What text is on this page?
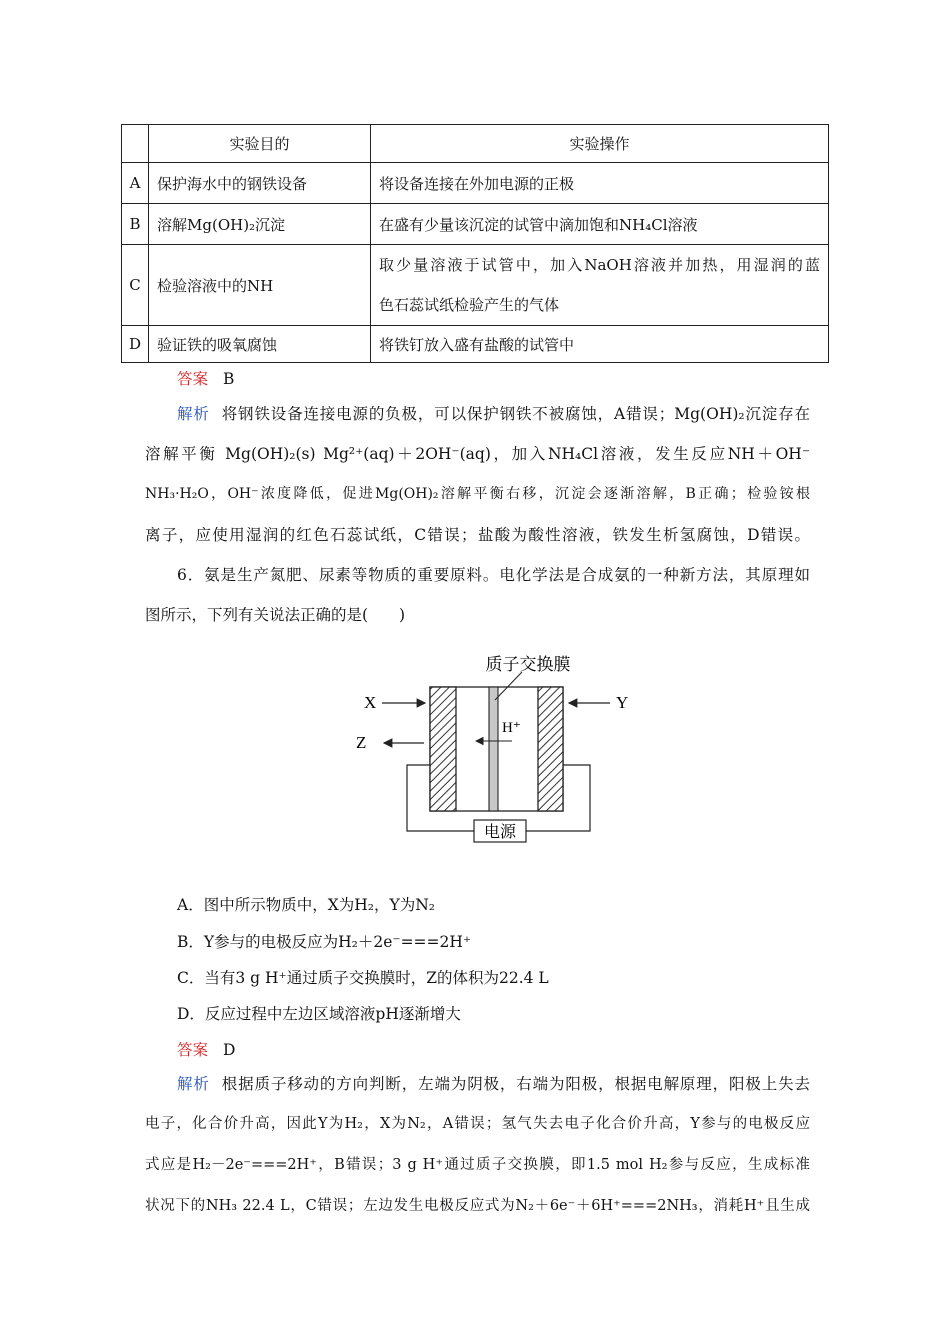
	实验目的	实验操作
A	保护海水中的钢铁设备	将设备连接在外加电源的正极
B	溶解Mg(OH)₂沉淀	在盛有少量该沉淀的试管中滴加饱和NH₄Cl溶液
C	检验溶液中的NH	取少量溶液于试管中，加入NaOH溶液并加热，用湿润的蓝
色石蕊试纸检验产生的气体

D	验证铁的吸氧腐蚀	将铁钉放入盛有盐酸的试管中
答案 B
解析 将钢铁设备连接电源的负极，可以保护钢铁不被腐蚀，A错误；Mg(OH)₂沉淀存在
溶解平衡 Mg(OH)₂(s) Mg²⁺(aq)＋2OH⁻(aq)，加入NH₄Cl溶液，发生反应NH＋OH⁻
NH₃·H₂O，OH⁻浓度降低，促进Mg(OH)₂溶解平衡右移，沉淀会逐渐溶解，B正确；检验铵根
离子，应使用湿润的红色石蕊试纸，C错误；盐酸为酸性溶液，铁发生析氢腐蚀，D错误。
6．氨是生产氮肥、尿素等物质的重要原料。电化学法是合成氨的一种新方法，其原理如
图所示，下列有关说法正确的是(　　)
质子交换膜
X	Y
Z
H⁺
电源
A．图中所示物质中，X为H₂，Y为N₂
B．Y参与的电极反应为H₂＋2e⁻===2H⁺
C．当有3 g H⁺通过质子交换膜时，Z的体积为22.4 L
D．反应过程中左边区域溶液pH逐渐增大
答案 D
解析 根据质子移动的方向判断，左端为阴极，右端为阳极，根据电解原理，阳极上失去
电子，化合价升高，因此Y为H₂，X为N₂，A错误；氢气失去电子化合价升高，Y参与的电极反应
式应是H₂－2e⁻===2H⁺，B错误；3 g H⁺通过质子交换膜，即1.5 mol H₂参与反应，生成标准
状况下的NH₃ 22.4 L，C错误；左边发生电极反应式为N₂＋6e⁻＋6H⁺===2NH₃，消耗H⁺且生成
